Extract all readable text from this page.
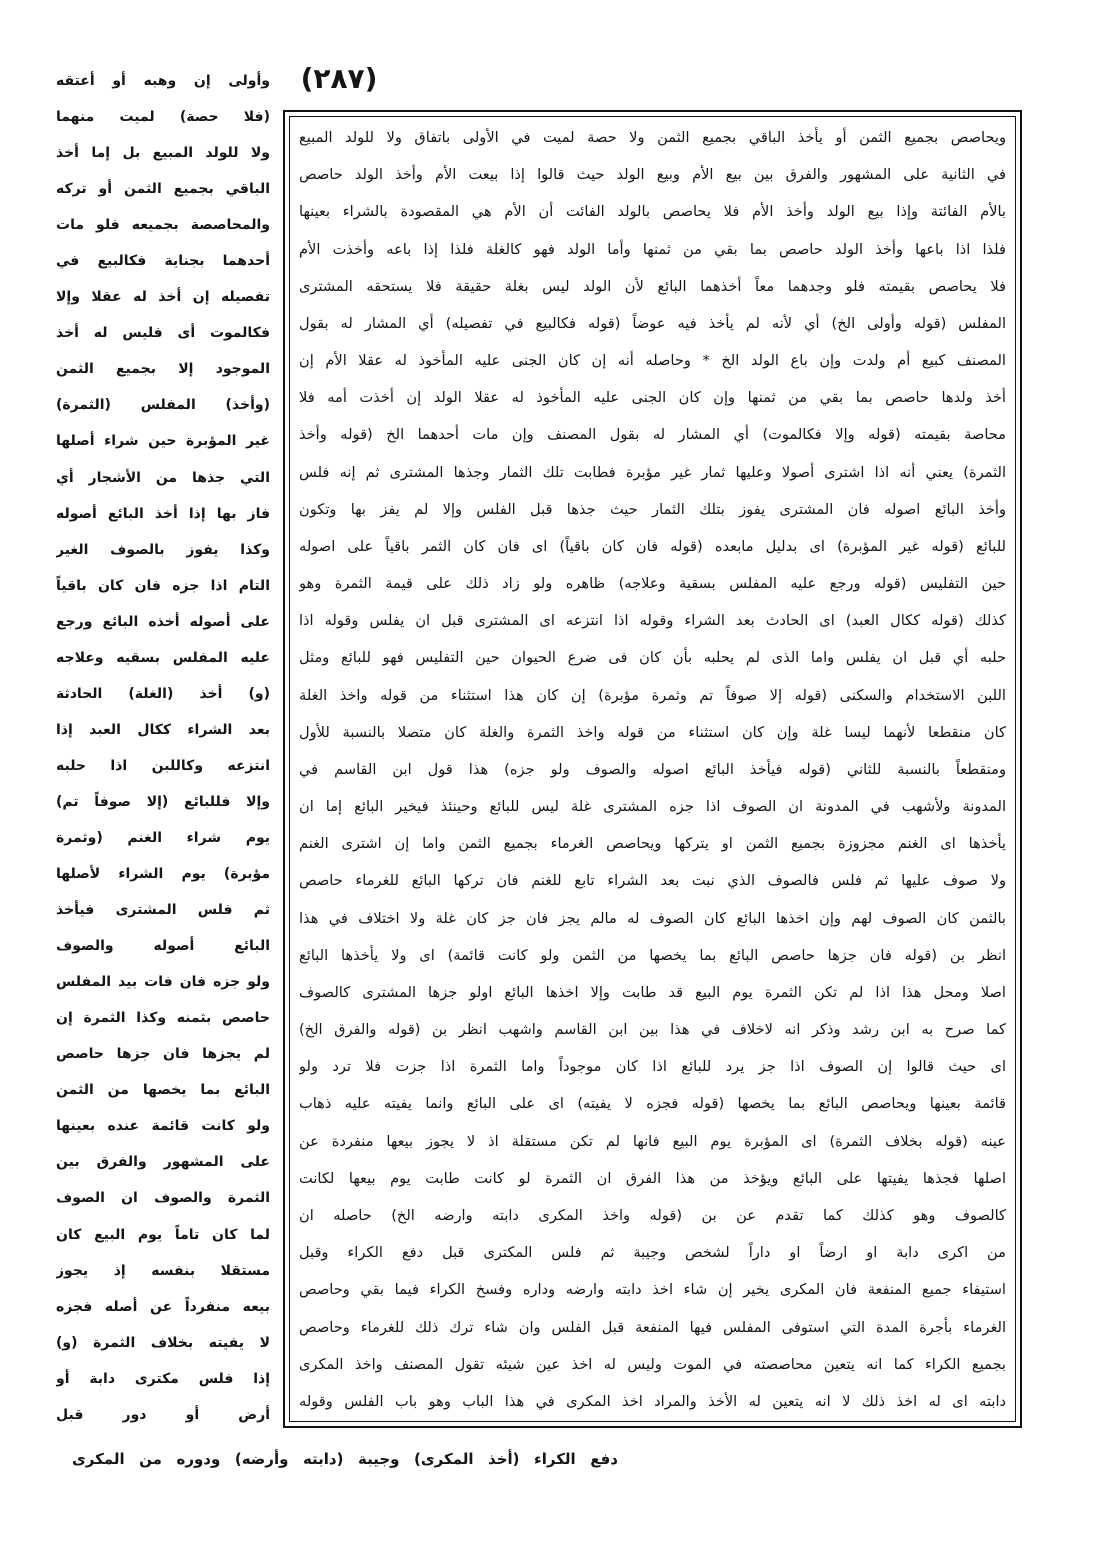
(٢٨٧)
ويحاصص بجميع الثمن أو يأخذ الباقي بجميع الثمن ولا حصة لميت في الأولى باتفاق ولا للولد المبيع
في الثانية على المشهور والفرق بين بيع الأم وبيع الولد حيث قالوا إذا بيعت الأم وأخذ الولد حاصص
بالأم الفائتة وإذا بيع الولد وأخذ الأم فلا يحاصص بالولد الفائت أن الأم هي المقصودة بالشراء بعينها
فلذا اذا باعها وأخذ الولد حاصص بما بقي من ثمنها وأما الولد فهو كالغلة فلذا إذا باعه وأخذت الأم
فلا يحاصص بقيمته فلو وجدهما معاً أخذهما البائع لأن الولد ليس بغلة حقيقة فلا يستحقه المشترى
المفلس (قوله وأولى الخ) أي لأنه لم يأخذ فيه عوضاً (قوله فكالبيع في تفصيله) أي المشار له بقول
المصنف كبيع أم ولدت وإن باع الولد الخ * وحاصله أنه إن كان الجنى عليه المأخوذ له عقلا الأم إن
أخذ ولدها حاصص بما بقي من ثمنها وإن كان الجنى عليه المأخوذ له عقلا الولد إن أخذت أمه فلا
محاصة بقيمته (قوله وإلا فكالموت) أي المشار له بقول المصنف وإن مات أحدهما الخ (قوله وأخذ
الثمرة) يعني أنه اذا اشترى أصولا وعليها ثمار غير مؤبرة فطابت تلك الثمار وجذها المشترى ثم إنه فلس
وأخذ البائع اصوله فان المشترى يفوز بتلك الثمار حيث جذها قبل الفلس وإلا لم يفز بها وتكون
للبائع (قوله غير المؤبرة) اى بدليل مابعده (قوله فان كان باقياً) اى فان كان الثمر باقياً على اصوله
حين التفليس (قوله ورجع عليه المفلس بسقية وعلاجه) ظاهره ولو زاد ذلك على قيمة الثمرة وهو
كذلك (قوله ككال العبد) اى الحادث بعد الشراء وقوله اذا انتزعه اى المشترى قبل ان يفلس وقوله اذا
حلبه أي قبل ان يفلس واما الذى لم يحلبه بأن كان فى ضرع الحيوان حين التفليس فهو للبائع ومثل
اللبن الاستخدام والسكنى (قوله إلا صوفاً تم وثمرة مؤبرة) إن كان هذا استثناء من قوله واخذ الغلة
كان منقطعا لأنهما ليسا غلة وإن كان استثناء من قوله واخذ الثمرة والغلة كان متصلا بالنسبة للأول
ومنقطعاً بالنسبة للثاني (قوله فيأخذ البائع اصوله والصوف ولو جزه) هذا قول ابن القاسم في
المدونة ولأشهب في المدونة ان الصوف اذا جزه المشترى غلة ليس للبائع وحينئذ فيخير البائع إما ان
يأخذها اى الغنم مجزوزة بجميع الثمن او يتركها ويحاصص الغرماء بجميع الثمن واما إن اشترى الغنم
ولا صوف عليها ثم فلس فالصوف الذي نبت بعد الشراء تابع للغنم فان تركها البائع للغرماء حاصص
بالثمن كان الصوف لهم وإن اخذها البائع كان الصوف له مالم يجز فان جز كان غلة ولا اختلاف في هذا
انظر بن (قوله فان جزها حاصص البائع بما يخصها من الثمن ولو كانت قائمة) اى ولا يأخذها البائع
اصلا ومحل هذا اذا لم تكن الثمرة يوم البيع قد طابت وإلا اخذها البائع اولو جزها المشترى كالصوف
كما صرح به ابن رشد وذكر انه لاخلاف في هذا بين ابن القاسم واشهب انظر بن (قوله والفرق الخ)
اى حيث قالوا إن الصوف اذا جز يرد للبائع اذا كان موجوداً واما الثمرة اذا جزت فلا ترد ولو
قائمة بعينها ويحاصص البائع بما يخصها (قوله فجزه لا يفيته) اى على البائع وانما يفيته عليه ذهاب
عينه (قوله بخلاف الثمرة) اى المؤبرة يوم البيع فانها لم تكن مستقلة اذ لا يجوز بيعها منفردة عن
اصلها فجذها يفيتها على البائع ويؤخذ من هذا الفرق ان الثمرة لو كانت طابت يوم بيعها لكانت
كالصوف وهو كذلك كما تقدم عن بن (قوله واخذ المكرى دابته وارضه الخ) حاصله ان
من اكرى دابة او ارضاً او داراً لشخص وجيبة ثم فلس المكترى قبل دفع الكراء وقبل
استيفاء جميع المنفعة فان المكرى يخير إن شاء اخذ دابته وارضه وداره وفسخ الكراء فيما بقي وحاصص
الغرماء بأجرة المدة التي استوفى المفلس فيها المنفعة قبل الفلس وان شاء ترك ذلك للغرماء وحاصص
بجميع الكراء كما انه يتعين محاصصته في الموت وليس له اخذ عين شيئه تقول المصنف واخذ المكرى
دابته اى له اخذ ذلك لا انه يتعين له الأخذ والمراد اخذ المكرى في هذا الباب وهو باب الفلس وقوله
وأولى إن وهبه أو أعتقه
(فلا حصة) لميت منهما
ولا للولد المبيع بل إما أخذ
الباقي بجميع الثمن أو تركه
والمحاصصة بجميعه فلو مات
أحدهما بجناية فكالبيع في
تفصيله إن أخذ له عقلا وإلا
فكالموت أى فليس له أخذ
الموجود إلا بجميع الثمن
(وأخذ) المفلس (الثمرة)
غير المؤبرة حين شراء أصلها
التي جذها من الأشجار أي
فاز بها إذا أخذ البائع أصوله
وكذا يفوز بالصوف الغير
التام اذا جزه فان كان باقياً
على أصوله أخذه البائع ورجع
عليه المفلس بسقيه وعلاجه
(و) أخذ (الغلة) الحادثة
بعد الشراء ككال العبد إذا
انتزعه وكاللبن اذا حلبه
وإلا فللبائع (إلا صوفاً تم)
يوم شراء الغنم (وثمرة
مؤبرة) يوم الشراء لأصلها
ثم فلس المشترى فيأخذ
البائع أصوله والصوف
ولو جزه فان فات بيد المفلس
حاصص بثمنه وكذا الثمرة إن
لم يجزها فان جزها حاصص
البائع بما يخصها من الثمن
ولو كانت قائمة عنده بعينها
على المشهور والفرق بين
الثمرة والصوف ان الصوف
لما كان تاماً يوم البيع كان
مستقلا بنفسه إذ يجوز
بيعه منفرداً عن أصله فجزه
لا يفيته بخلاف الثمرة (و)
إذا فلس مكترى دابة أو
أرض أو دور قبل
دفع الكراء (أخذ المكرى) وجيبة (دابته وأرضه) ودوره من المكرى
